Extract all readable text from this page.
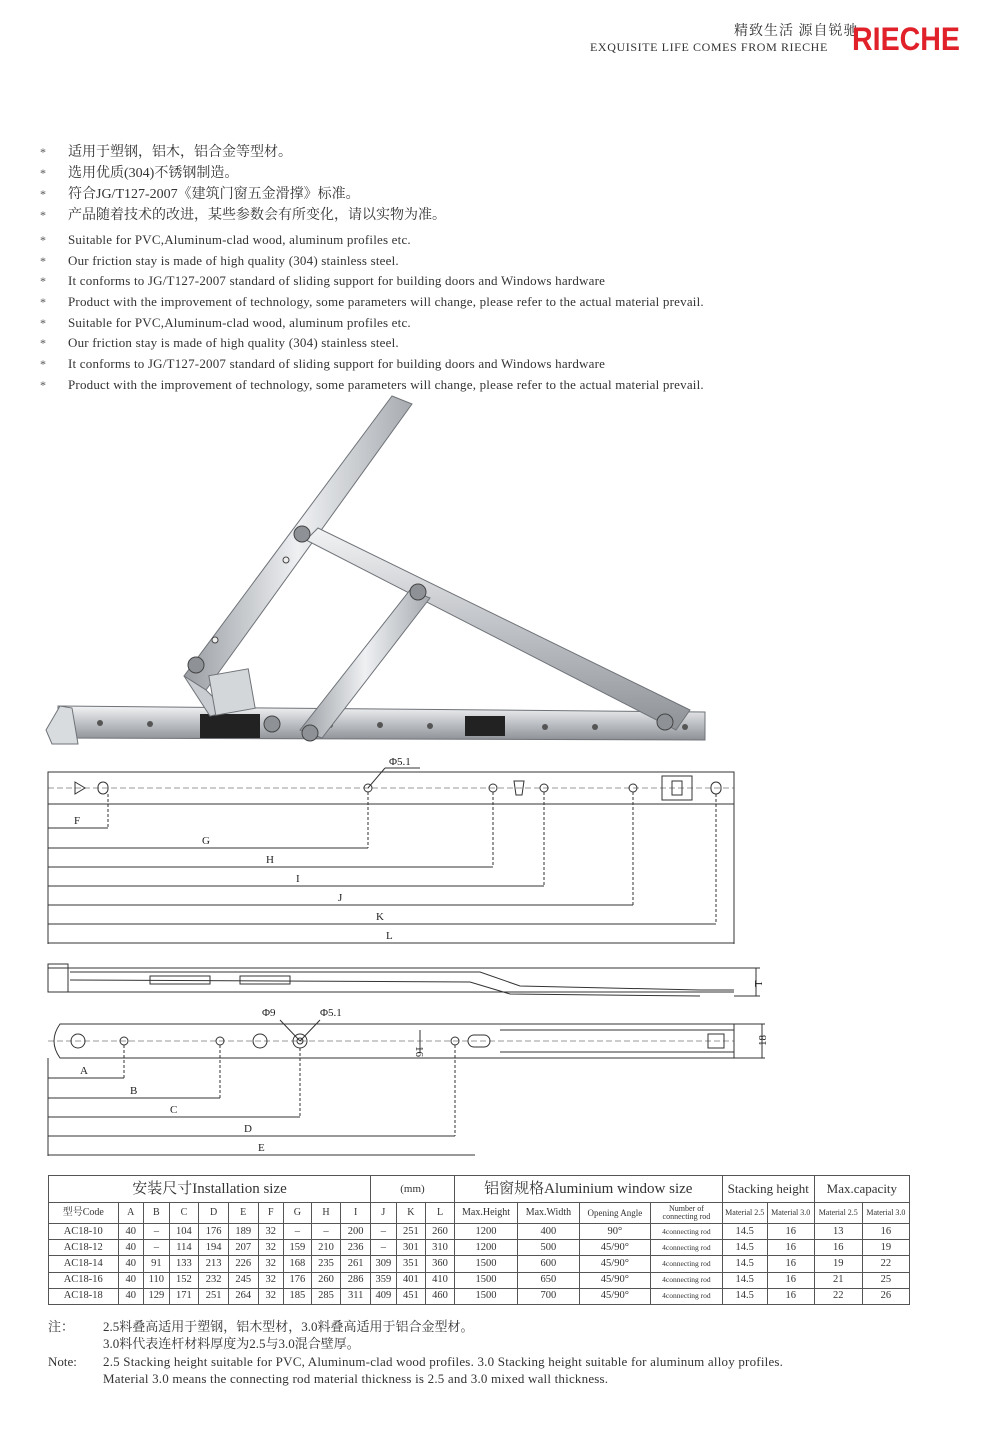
精致生活 源自锐驰
EXQUISITE LIFE COMES FROM RIECHE RIECHE
* 适用于塑钢，铝木，铝合金等型材。
* 选用优质(304)不锈钢制造。
* 符合JG/T127-2007《建筑门窗五金滑撑》标准。
* 产品随着技术的改进，某些参数会有所变化，请以实物为准。
* Suitable for PVC,Aluminum-clad wood, aluminum profiles etc.
* Our friction stay is made of high quality (304) stainless steel.
* It conforms to JG/T127-2007 standard of sliding support for building doors and Windows hardware
* Product with the improvement of technology, some parameters will change, please refer to the actual material prevail.
* Suitable for PVC,Aluminum-clad wood, aluminum profiles etc.
* Our friction stay is made of high quality (304) stainless steel.
* It conforms to JG/T127-2007 standard of sliding support for building doors and Windows hardware
* Product with the improvement of technology, some parameters will change, please refer to the actual material prevail.
Φ5.1
F
G
H
I
J
K
L
T
Φ9	Φ5.1
16
18
A
B
C
D
E
安装尺寸Installation size										(mm)			铝窗规格Aluminium window size				Stacking height		Max.capacity	
型号Code	A	B	C	D	E	F	G	H	I	J	K	L	Max.Height	Max.Width	Opening Angle	Number of connecting rod	Material 2.5	Material 3.0	Material 2.5	Material 3.0
AC18-10	40	–	104	176	189	32	–	–	200	–	251	260	1200	400	90°	4connecting rod	14.5	16	13	16
AC18-12	40	–	114	194	207	32	159	210	236	–	301	310	1200	500	45/90°	4connecting rod	14.5	16	16	19
AC18-14	40	91	133	213	226	32	168	235	261	309	351	360	1500	600	45/90°	4connecting rod	14.5	16	19	22
AC18-16	40	110	152	232	245	32	176	260	286	359	401	410	1500	650	45/90°	4connecting rod	14.5	16	21	25
AC18-18	40	129	171	251	264	32	185	285	311	409	451	460	1500	700	45/90°	4connecting rod	14.5	16	22	26
注： 2.5料叠高适用于塑钢，铝木型材，3.0料叠高适用于铝合金型材。
3.0料代表连杆材料厚度为2.5与3.0混合壁厚。
Note: 2.5 Stacking height suitable for PVC, Aluminum-clad wood profiles. 3.0 Stacking height suitable for aluminum alloy profiles.
Material 3.0 means the connecting rod material thickness is 2.5 and 3.0 mixed wall thickness.
